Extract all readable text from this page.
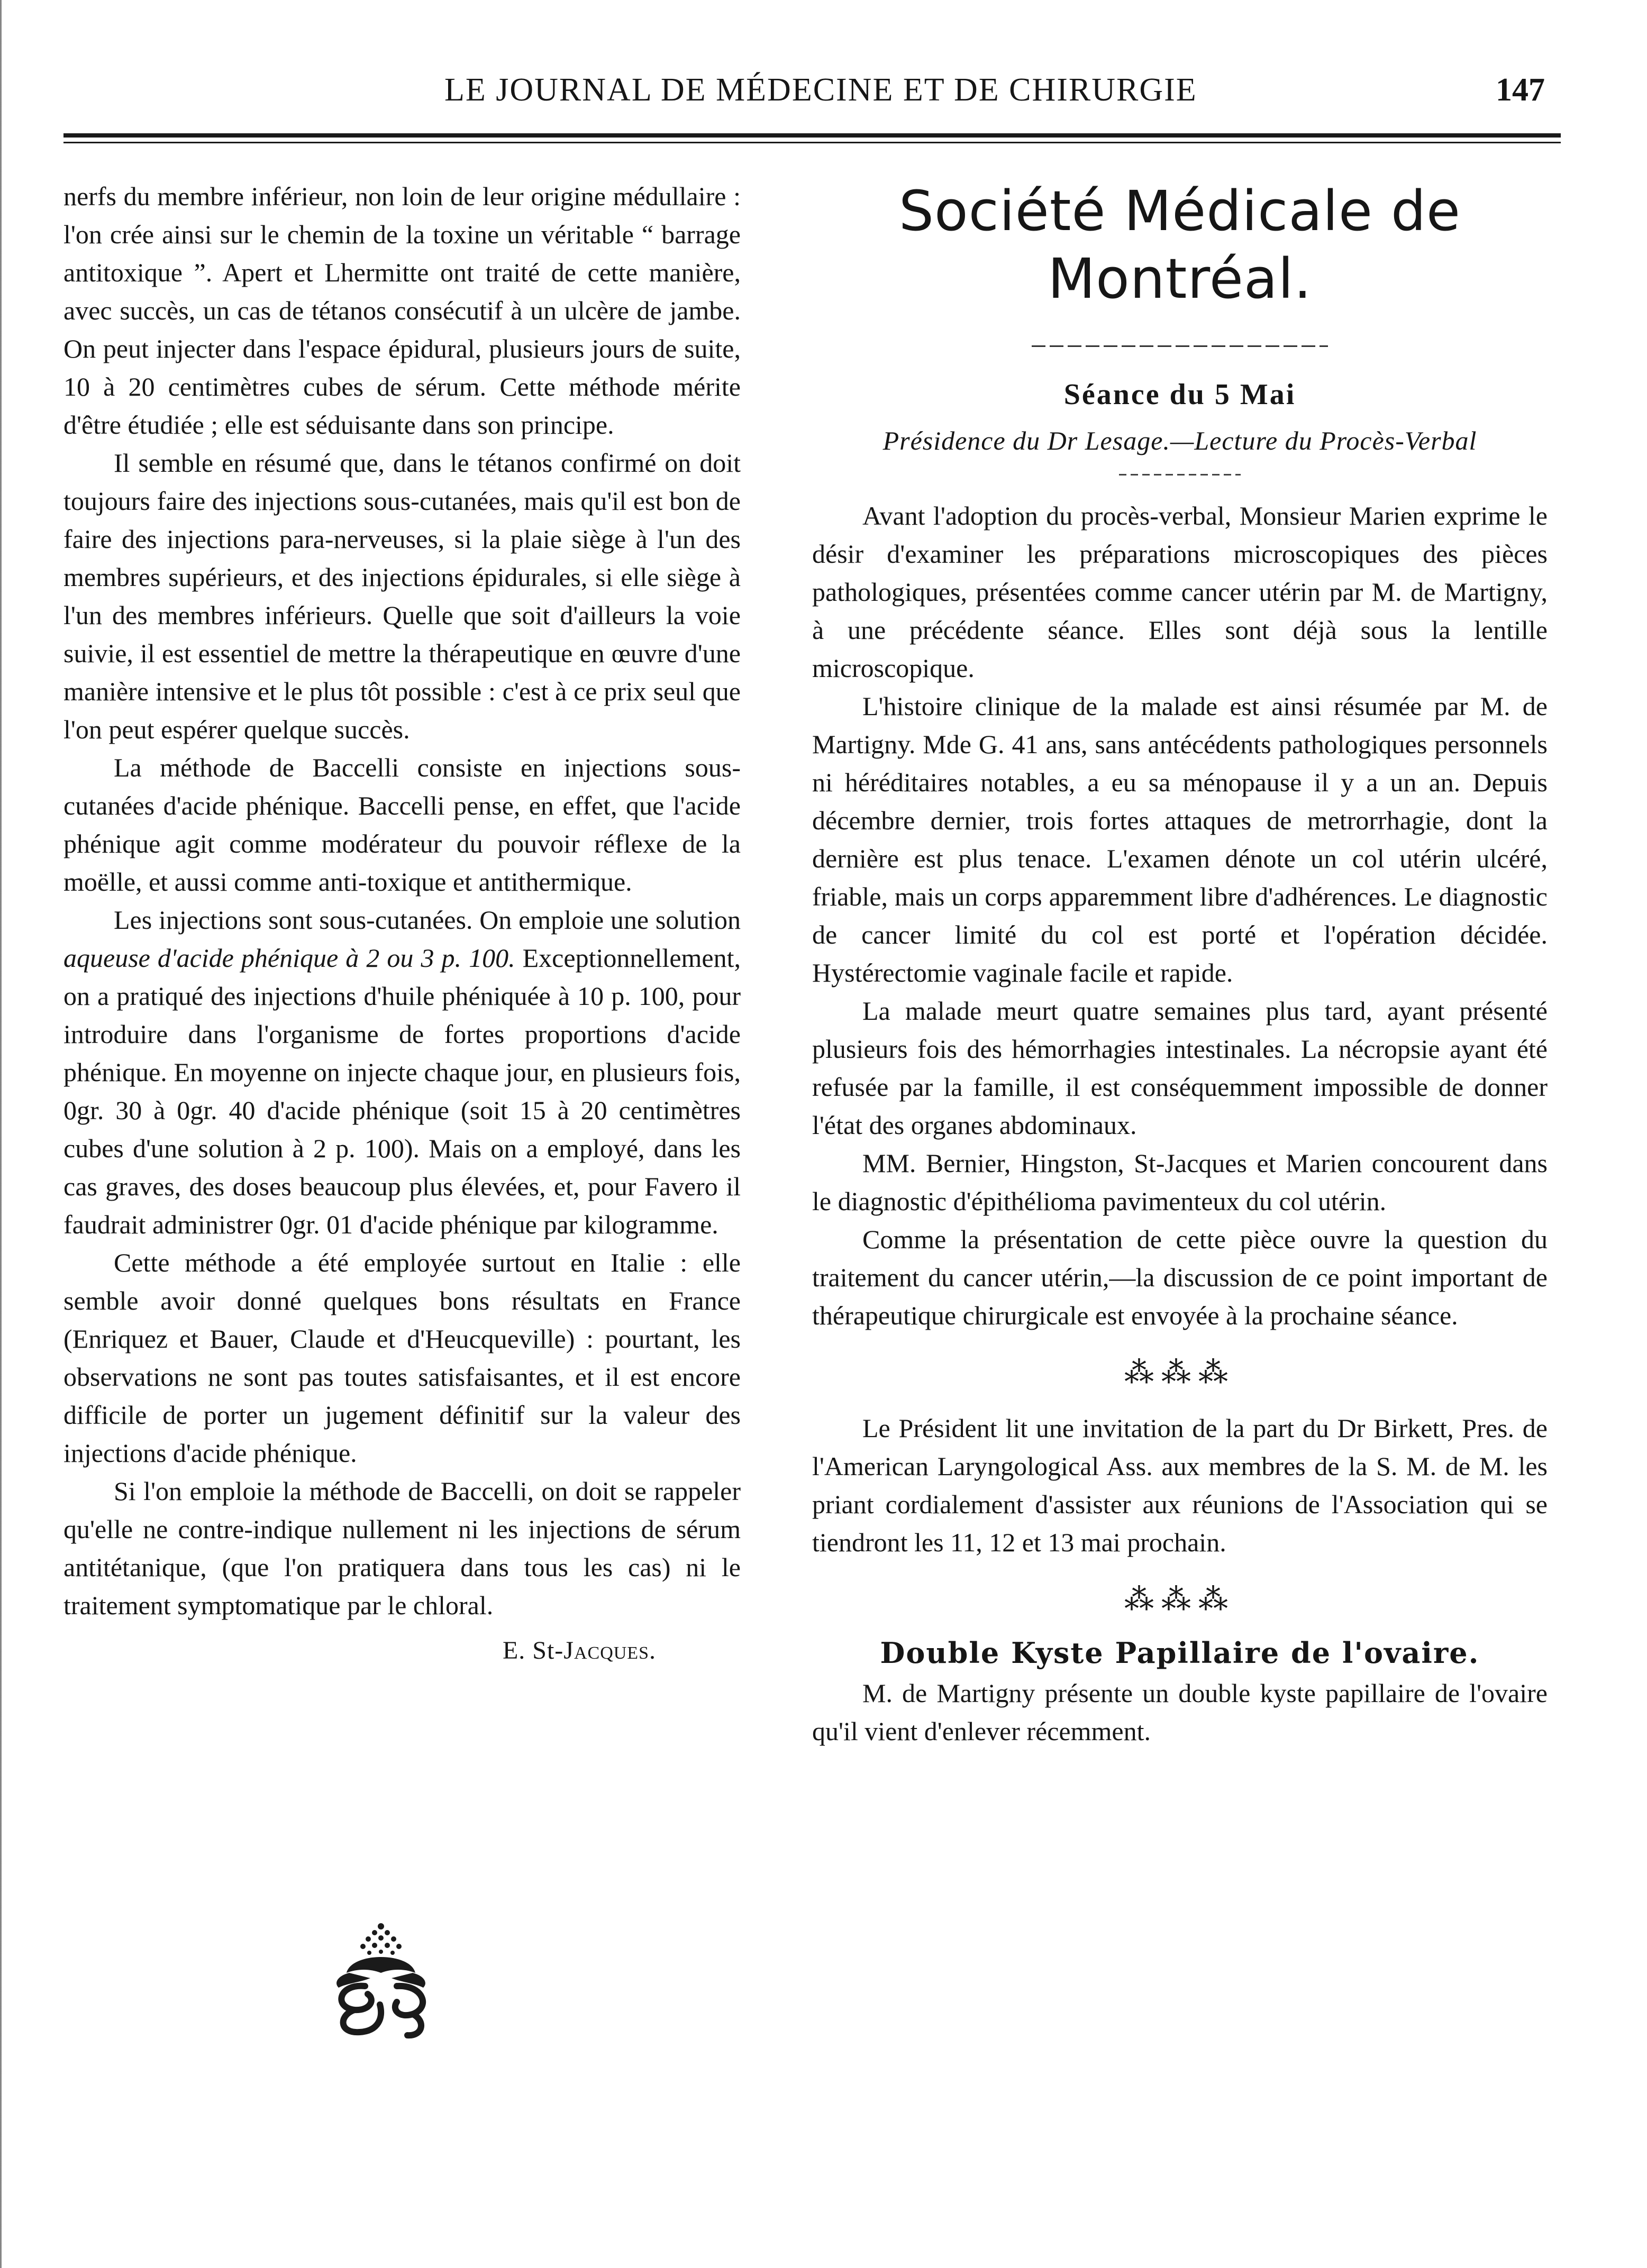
LE JOURNAL DE MÉDECINE ET DE CHIRURGIE	147

nerfs du membre inférieur, non loin de leur origine médullaire : l'on crée ainsi sur le chemin de la toxine un véritable “ barrage antitoxique ”. Apert et Lhermitte ont traité de cette manière, avec succès, un cas de tétanos consécutif à un ulcère de jambe. On peut injecter dans l'espace épidural, plusieurs jours de suite, 10 à 20 centimètres cubes de sérum. Cette méthode mérite d'être étudiée ; elle est séduisante dans son principe.

Il semble en résumé que, dans le tétanos confirmé on doit toujours faire des injections sous-cutanées, mais qu'il est bon de faire des injections para-nerveuses, si la plaie siège à l'un des membres supérieurs, et des injections épidurales, si elle siège à l'un des membres inférieurs. Quelle que soit d'ailleurs la voie suivie, il est essentiel de mettre la thérapeutique en œuvre d'une manière intensive et le plus tôt possible : c'est à ce prix seul que l'on peut espérer quelque succès.

La méthode de Baccelli consiste en injections sous-cutanées d'acide phénique. Baccelli pense, en effet, que l'acide phénique agit comme modérateur du pouvoir réflexe de la moëlle, et aussi comme anti-toxique et antithermique.

Les injections sont sous-cutanées. On emploie une solution aqueuse d'acide phénique à 2 ou 3 p. 100. Exceptionnellement, on a pratiqué des injections d'huile phéniquée à 10 p. 100, pour introduire dans l'organisme de fortes proportions d'acide phénique. En moyenne on injecte chaque jour, en plusieurs fois, 0gr. 30 à 0gr. 40 d'acide phénique (soit 15 à 20 centimètres cubes d'une solution à 2 p. 100). Mais on a employé, dans les cas graves, des doses beaucoup plus élevées, et, pour Favero il faudrait administrer 0gr. 01 d'acide phénique par kilogramme.

Cette méthode a été employée surtout en Italie : elle semble avoir donné quelques bons résultats en France (Enriquez et Bauer, Claude et d'Heucqueville) : pourtant, les observations ne sont pas toutes satisfaisantes, et il est encore difficile de porter un jugement définitif sur la valeur des injections d'acide phénique.

Si l'on emploie la méthode de Baccelli, on doit se rappeler qu'elle ne contre-indique nullement ni les injections de sérum antitétanique, (que l'on pratiquera dans tous les cas) ni le traitement symptomatique par le chloral.

E. St-Jacques.
Société Médicale de
Montréal.
Séance du 5 Mai
Présidence du Dr Lesage.—Lecture du Procès-Verbal

Avant l'adoption du procès-verbal, Monsieur Marien exprime le désir d'examiner les préparations microscopiques des pièces pathologiques, présentées comme cancer utérin par M. de Martigny, à une précédente séance. Elles sont déjà sous la lentille microscopique.

L'histoire clinique de la malade est ainsi résumée par M. de Martigny. Mde G. 41 ans, sans antécédents pathologiques personnels ni héréditaires notables, a eu sa ménopause il y a un an. Depuis décembre dernier, trois fortes attaques de metrorrhagie, dont la dernière est plus tenace. L'examen dénote un col utérin ulcéré, friable, mais un corps apparemment libre d'adhérences. Le diagnostic de cancer limité du col est porté et l'opération décidée. Hystérectomie vaginale facile et rapide.

La malade meurt quatre semaines plus tard, ayant présenté plusieurs fois des hémorrhagies intestinales. La nécropsie ayant été refusée par la famille, il est conséquemment impossible de donner l'état des organes abdominaux.

MM. Bernier, Hingston, St-Jacques et Marien concourent dans le diagnostic d'épithélioma pavimenteux du col utérin.

Comme la présentation de cette pièce ouvre la question du traitement du cancer utérin,—la discussion de ce point important de thérapeutique chirurgicale est envoyée à la prochaine séance.

⁂⁂⁂

Le Président lit une invitation de la part du Dr Birkett, Pres. de l'American Laryngological Ass. aux membres de la S. M. de M. les priant cordialement d'assister aux réunions de l'Association qui se tiendront les 11, 12 et 13 mai prochain.

⁂⁂⁂
Double Kyste Papillaire de l'ovaire.

M. de Martigny présente un double kyste papillaire de l'ovaire qu'il vient d'enlever récemment.
